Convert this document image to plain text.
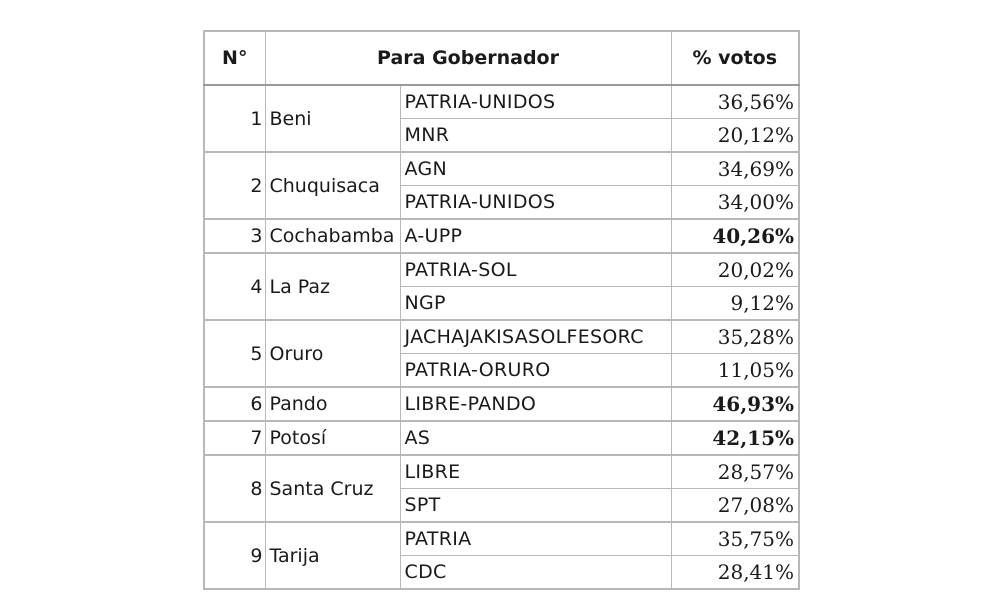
N°	Para Gobernador		% votos
1	Beni	PATRIA-UNIDOS	36,56%
		MNR	20,12%
2	Chuquisaca	AGN	34,69%
		PATRIA-UNIDOS	34,00%
3	Cochabamba	A-UPP	40,26%
4	La Paz	PATRIA-SOL	20,02%
		NGP	9,12%
5	Oruro	JACHAJAKISASOLFESORC	35,28%
		PATRIA-ORURO	11,05%
6	Pando	LIBRE-PANDO	46,93%
7	Potosí	AS	42,15%
8	Santa Cruz	LIBRE	28,57%
		SPT	27,08%
9	Tarija	PATRIA	35,75%
		CDC	28,41%
